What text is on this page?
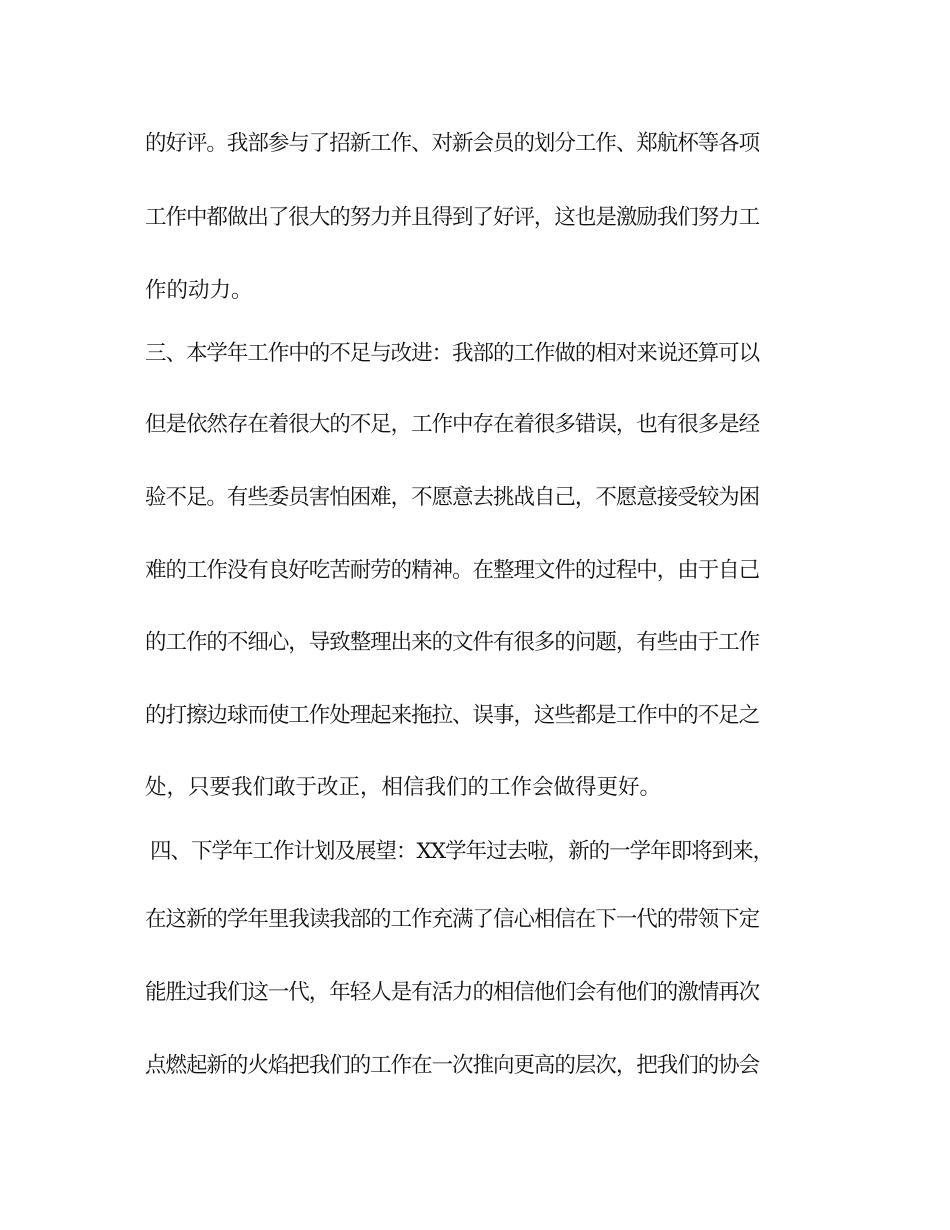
的好评。我部参与了招新工作、对新会员的划分工作、郑航杯等各项
工作中都做出了很大的努力并且得到了好评，这也是激励我们努力工
作的动力。
三、本学年工作中的不足与改进：我部的工作做的相对来说还算可以
但是依然存在着很大的不足，工作中存在着很多错误，也有很多是经
验不足。有些委员害怕困难，不愿意去挑战自己，不愿意接受较为困
难的工作没有良好吃苦耐劳的精神。在整理文件的过程中，由于自己
的工作的不细心，导致整理出来的文件有很多的问题，有些由于工作
的打擦边球而使工作处理起来拖拉、误事，这些都是工作中的不足之
处，只要我们敢于改正，相信我们的工作会做得更好。
四、下学年工作计划及展望：XX学年过去啦，新的一学年即将到来，
在这新的学年里我读我部的工作充满了信心相信在下一代的带领下定
能胜过我们这一代，年轻人是有活力的相信他们会有他们的激情再次
点燃起新的火焰把我们的工作在一次推向更高的层次，把我们的协会
